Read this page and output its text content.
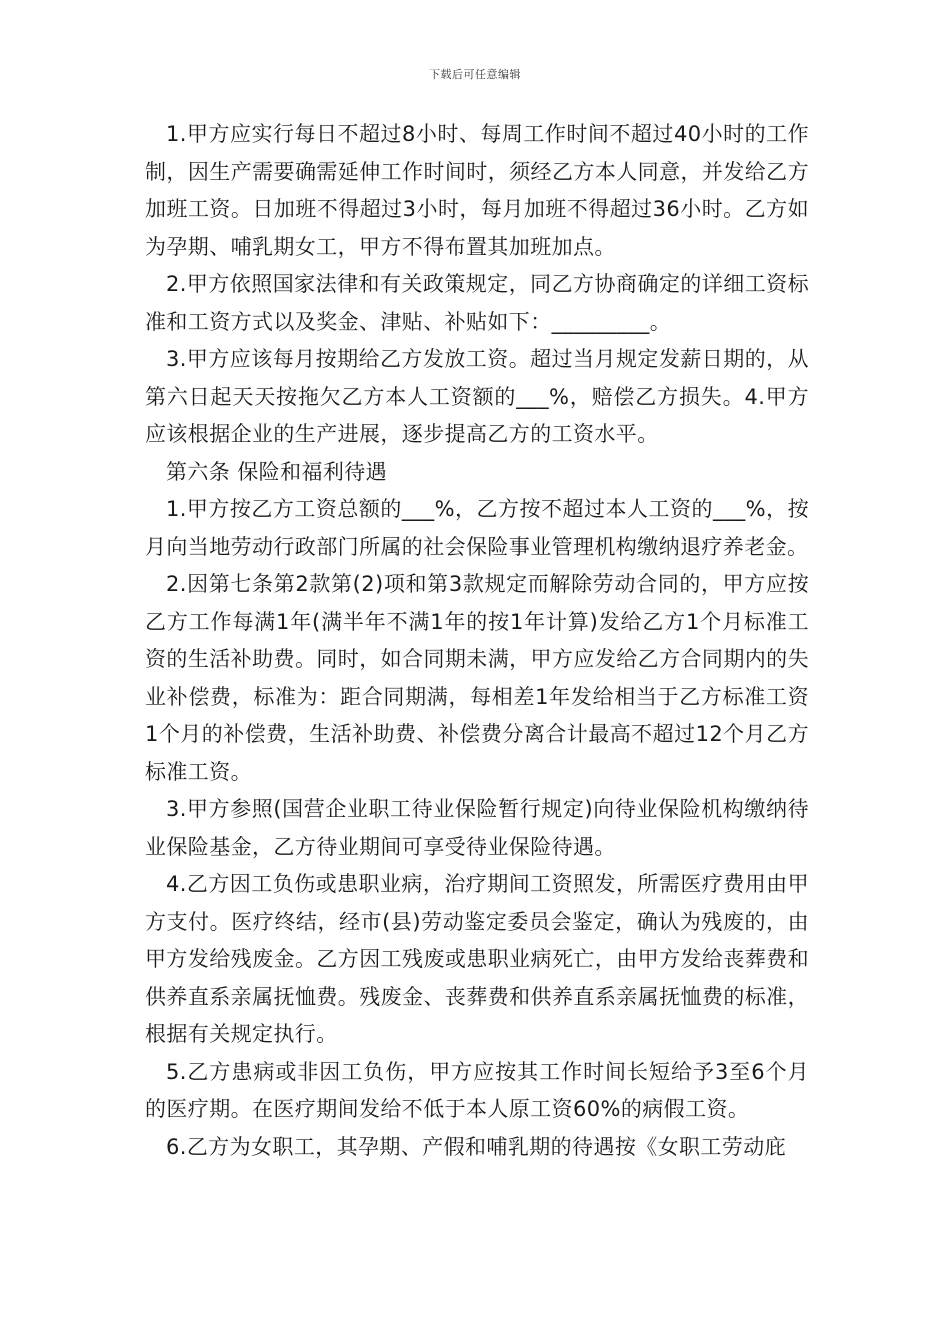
下载后可任意编辑

1.甲方应实行每日不超过8小时、每周工作时间不超过40小时的工作制，因生产需要确需延伸工作时间时，须经乙方本人同意，并发给乙方加班工资。日加班不得超过3小时，每月加班不得超过36小时。乙方如为孕期、哺乳期女工，甲方不得布置其加班加点。

2.甲方依照国家法律和有关政策规定，同乙方协商确定的详细工资标准和工资方式以及奖金、津贴、补贴如下：_________。

3.甲方应该每月按期给乙方发放工资。超过当月规定发薪日期的，从第六日起天天按拖欠乙方本人工资额的___%，赔偿乙方损失。4.甲方应该根据企业的生产进展，逐步提高乙方的工资水平。

第六条 保险和福利待遇

1.甲方按乙方工资总额的___%，乙方按不超过本人工资的___%，按月向当地劳动行政部门所属的社会保险事业管理机构缴纳退疗养老金。

2.因第七条第2款第(2)项和第3款规定而解除劳动合同的，甲方应按乙方工作每满1年(满半年不满1年的按1年计算)发给乙方1个月标准工资的生活补助费。同时，如合同期未满，甲方应发给乙方合同期内的失业补偿费，标准为：距合同期满，每相差1年发给相当于乙方标准工资1个月的补偿费，生活补助费、补偿费分离合计最高不超过12个月乙方标准工资。

3.甲方参照(国营企业职工待业保险暂行规定)向待业保险机构缴纳待业保险基金，乙方待业期间可享受待业保险待遇。

4.乙方因工负伤或患职业病，治疗期间工资照发，所需医疗费用由甲方支付。医疗终结，经市(县)劳动鉴定委员会鉴定，确认为残废的，由甲方发给残废金。乙方因工残废或患职业病死亡，由甲方发给丧葬费和供养直系亲属抚恤费。残废金、丧葬费和供养直系亲属抚恤费的标准，根据有关规定执行。

5.乙方患病或非因工负伤，甲方应按其工作时间长短给予3至6个月的医疗期。在医疗期间发给不低于本人原工资60%的病假工资。

6.乙方为女职工，其孕期、产假和哺乳期的待遇按《女职工劳动庇
